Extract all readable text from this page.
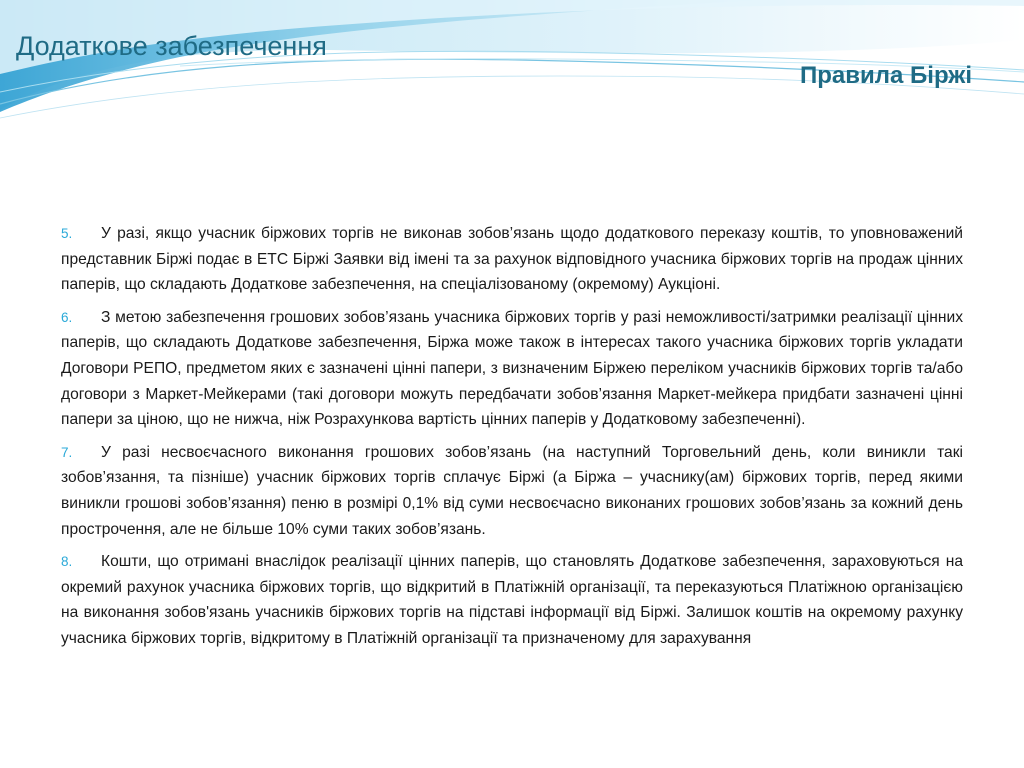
Додаткове забезпечення
Правила Біржі

5. У разі, якщо учасник біржових торгів не виконав зобов’язань щодо додаткового переказу коштів, то уповноважений представник Біржі подає в ЕТС Біржі Заявки від імені та за рахунок відповідного учасника біржових торгів на продаж цінних паперів, що складають Додаткове забезпечення, на спеціалізованому (окремому) Аукціоні.

6. З метою забезпечення грошових зобов’язань учасника біржових торгів у разі неможливості/затримки реалізації цінних паперів, що складають Додаткове забезпечення, Біржа може також в інтересах такого учасника біржових торгів укладати Договори РЕПО, предметом яких є зазначені цінні папери, з визначеним Біржею переліком учасників біржових торгів та/або договори з Маркет-Мейкерами (такі договори можуть передбачати зобов’язання Маркет-мейкера придбати зазначені цінні папери за ціною, що не нижча, ніж Розрахункова вартість цінних паперів у Додатковому забезпеченні).

7. У разі несвоєчасного виконання грошових зобов’язань (на наступний Торговельний день, коли виникли такі зобов’язання, та пізніше) учасник біржових торгів сплачує Біржі (а Біржа – учаснику(ам) біржових торгів, перед якими виникли грошові зобов’язання) пеню в розмірі 0,1% від суми несвоєчасно виконаних грошових зобов’язань за кожний день прострочення, але не більше 10% суми таких зобов’язань.

8. Кошти, що отримані внаслідок реалізації цінних паперів, що становлять Додаткове забезпечення, зараховуються на окремий рахунок учасника біржових торгів, що відкритий в Платіжній організації, та переказуються Платіжною організацією на виконання зобов'язань учасників біржових торгів на підставі інформації від Біржі. Залишок коштів на окремому рахунку учасника біржових торгів, відкритому в Платіжній організації та призначеному для зарахування
